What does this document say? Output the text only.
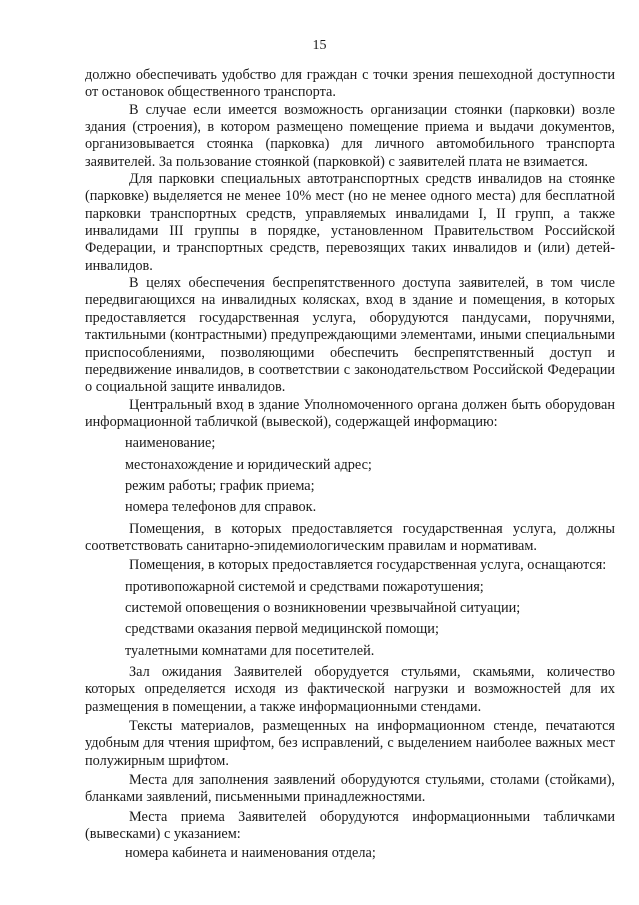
15

должно обеспечивать удобство для граждан с точки зрения пешеходной доступности от остановок общественного транспорта.

В случае если имеется возможность организации стоянки (парковки) возле здания (строения), в котором размещено помещение приема и выдачи документов, организовывается стоянка (парковка) для личного автомобильного транспорта заявителей. За пользование стоянкой (парковкой) с заявителей плата не взимается.

Для парковки специальных автотранспортных средств инвалидов на стоянке (парковке) выделяется не менее 10% мест (но не менее одного места) для бесплатной парковки транспортных средств, управляемых инвалидами I, II групп, а также инвалидами III группы в порядке, установленном Правительством Российской Федерации, и транспортных средств, перевозящих таких инвалидов и (или) детей-инвалидов.

В целях обеспечения беспрепятственного доступа заявителей, в том числе передвигающихся на инвалидных колясках, вход в здание и помещения, в которых предоставляется государственная услуга, оборудуются пандусами, поручнями, тактильными (контрастными) предупреждающими элементами, иными специальными приспособлениями, позволяющими обеспечить беспрепятственный доступ и передвижение инвалидов, в соответствии с законодательством Российской Федерации о социальной защите инвалидов.

Центральный вход в здание Уполномоченного органа должен быть оборудован информационной табличкой (вывеской), содержащей информацию:

наименование;

местонахождение и юридический адрес;

режим работы; график приема;

номера телефонов для справок.

Помещения, в которых предоставляется государственная услуга, должны соответствовать санитарно-эпидемиологическим правилам и нормативам.

Помещения, в которых предоставляется государственная услуга, оснащаются:

противопожарной системой и средствами пожаротушения;

системой оповещения о возникновении чрезвычайной ситуации;

средствами оказания первой медицинской помощи;

туалетными комнатами для посетителей.

Зал ожидания Заявителей оборудуется стульями, скамьями, количество которых определяется исходя из фактической нагрузки и возможностей для их размещения в помещении, а также информационными стендами.

Тексты материалов, размещенных на информационном стенде, печатаются удобным для чтения шрифтом, без исправлений, с выделением наиболее важных мест полужирным шрифтом.

Места для заполнения заявлений оборудуются стульями, столами (стойками), бланками заявлений, письменными принадлежностями.

Места приема Заявителей оборудуются информационными табличками (вывесками) с указанием:

номера кабинета и наименования отдела;
